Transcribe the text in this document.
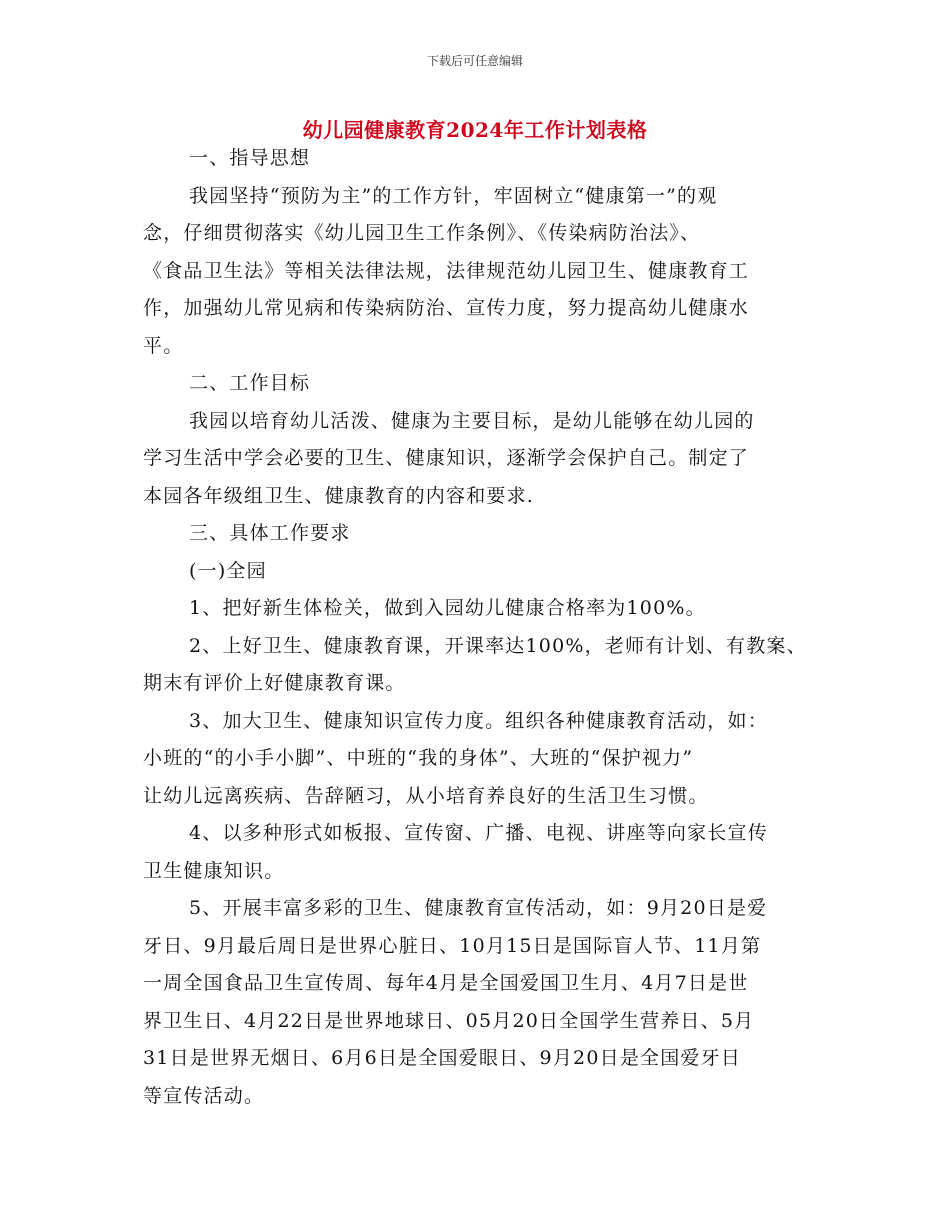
下载后可任意编辑
幼儿园健康教育2024年工作计划表格
一、指导思想
我园坚持“预防为主”的工作方针，牢固树立“健康第一”的观
念，仔细贯彻落实《幼儿园卫生工作条例》、《传染病防治法》、
《食品卫生法》等相关法律法规，法律规范幼儿园卫生、健康教育工
作，加强幼儿常见病和传染病防治、宣传力度，努力提高幼儿健康水
平。
二、工作目标
我园以培育幼儿活泼、健康为主要目标，是幼儿能够在幼儿园的
学习生活中学会必要的卫生、健康知识，逐渐学会保护自己。制定了
本园各年级组卫生、健康教育的内容和要求.
三、具体工作要求
(一)全园
1、把好新生体检关，做到入园幼儿健康合格率为100%。
2、上好卫生、健康教育课，开课率达100%，老师有计划、有教案、
期末有评价上好健康教育课。
3、加大卫生、健康知识宣传力度。组织各种健康教育活动，如：
小班的“的小手小脚”、中班的“我的身体”、大班的“保护视力”
让幼儿远离疾病、告辞陋习，从小培育养良好的生活卫生习惯。
4、以多种形式如板报、宣传窗、广播、电视、讲座等向家长宣传
卫生健康知识。
5、开展丰富多彩的卫生、健康教育宣传活动，如：9月20日是爱
牙日、9月最后周日是世界心脏日、10月15日是国际盲人节、11月第
一周全国食品卫生宣传周、每年4月是全国爱国卫生月、4月7日是世
界卫生日、4月22日是世界地球日、05月20日全国学生营养日、5月
31日是世界无烟日、6月6日是全国爱眼日、9月20日是全国爱牙日
等宣传活动。
